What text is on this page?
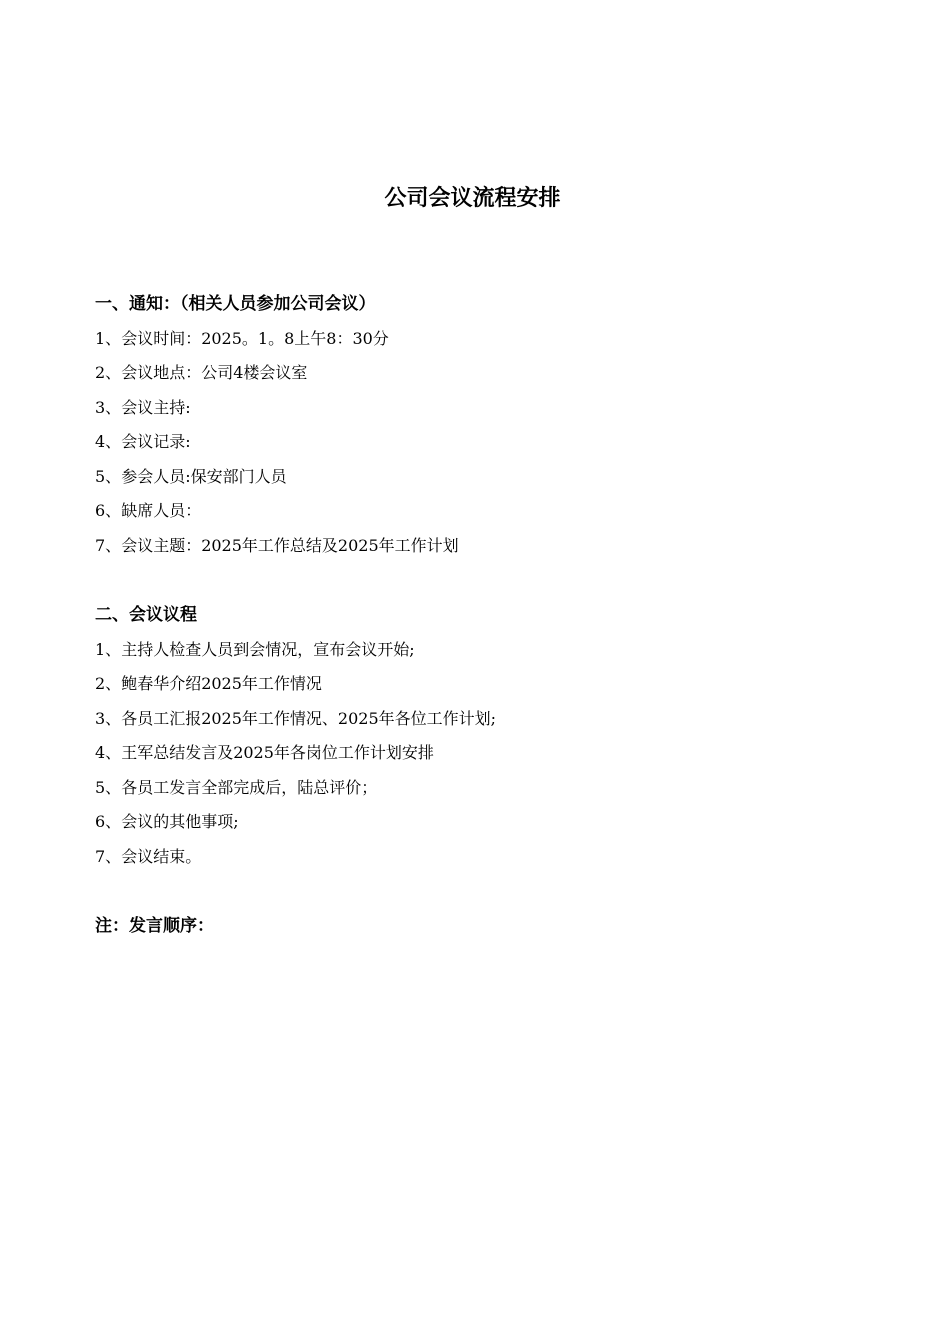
公司会议流程安排

一、通知：（相关人员参加公司会议）

1、会议时间：2025。1。8上午8：30分

2、会议地点：公司4楼会议室

3、会议主持:

4、会议记录:

5、参会人员:保安部门人员

6、缺席人员：

7、会议主题：2025年工作总结及2025年工作计划

二、会议议程

1、主持人检查人员到会情况，宣布会议开始;

2、鲍春华介绍2025年工作情况

3、各员工汇报2025年工作情况、2025年各位工作计划;

4、王军总结发言及2025年各岗位工作计划安排

5、各员工发言全部完成后，陆总评价；

6、会议的其他事项;

7、会议结束。

注：发言顺序：
